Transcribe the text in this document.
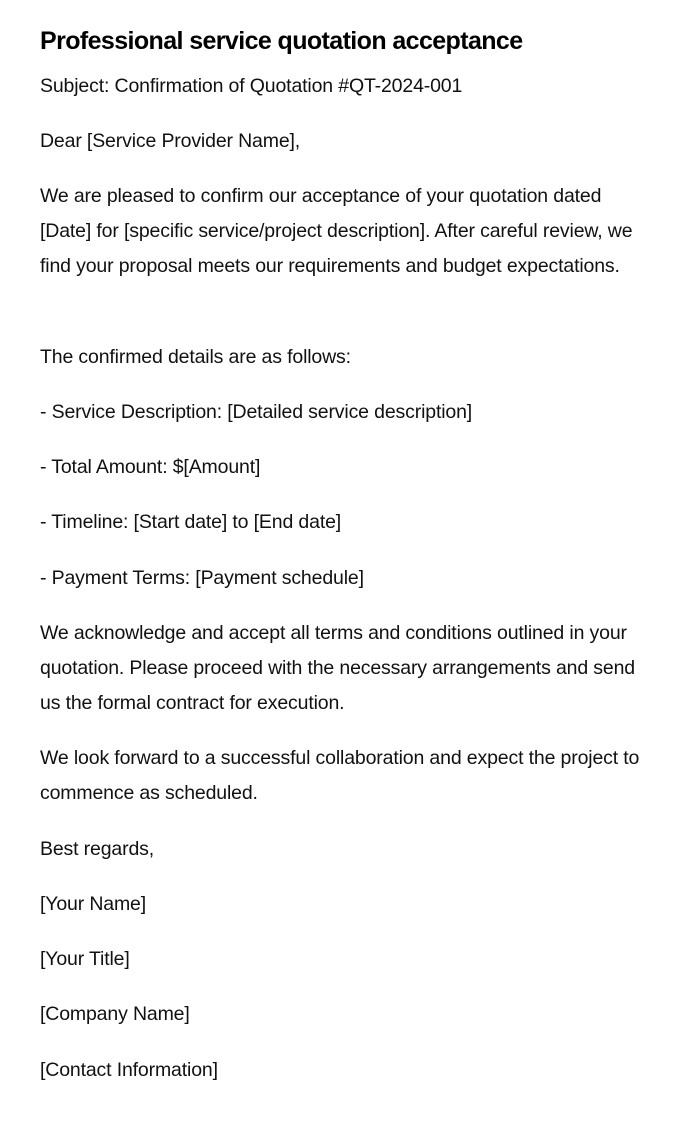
Professional service quotation acceptance

Subject: Confirmation of Quotation #QT-2024-001

Dear [Service Provider Name],

We are pleased to confirm our acceptance of your quotation dated [Date] for [specific service/project description]. After careful review, we find your proposal meets our requirements and budget expectations.

The confirmed details are as follows:

- Service Description: [Detailed service description]

- Total Amount: $[Amount]

- Timeline: [Start date] to [End date]

- Payment Terms: [Payment schedule]

We acknowledge and accept all terms and conditions outlined in your quotation. Please proceed with the necessary arrangements and send us the formal contract for execution.

We look forward to a successful collaboration and expect the project to commence as scheduled.

Best regards,

[Your Name]

[Your Title]

[Company Name]

[Contact Information]
